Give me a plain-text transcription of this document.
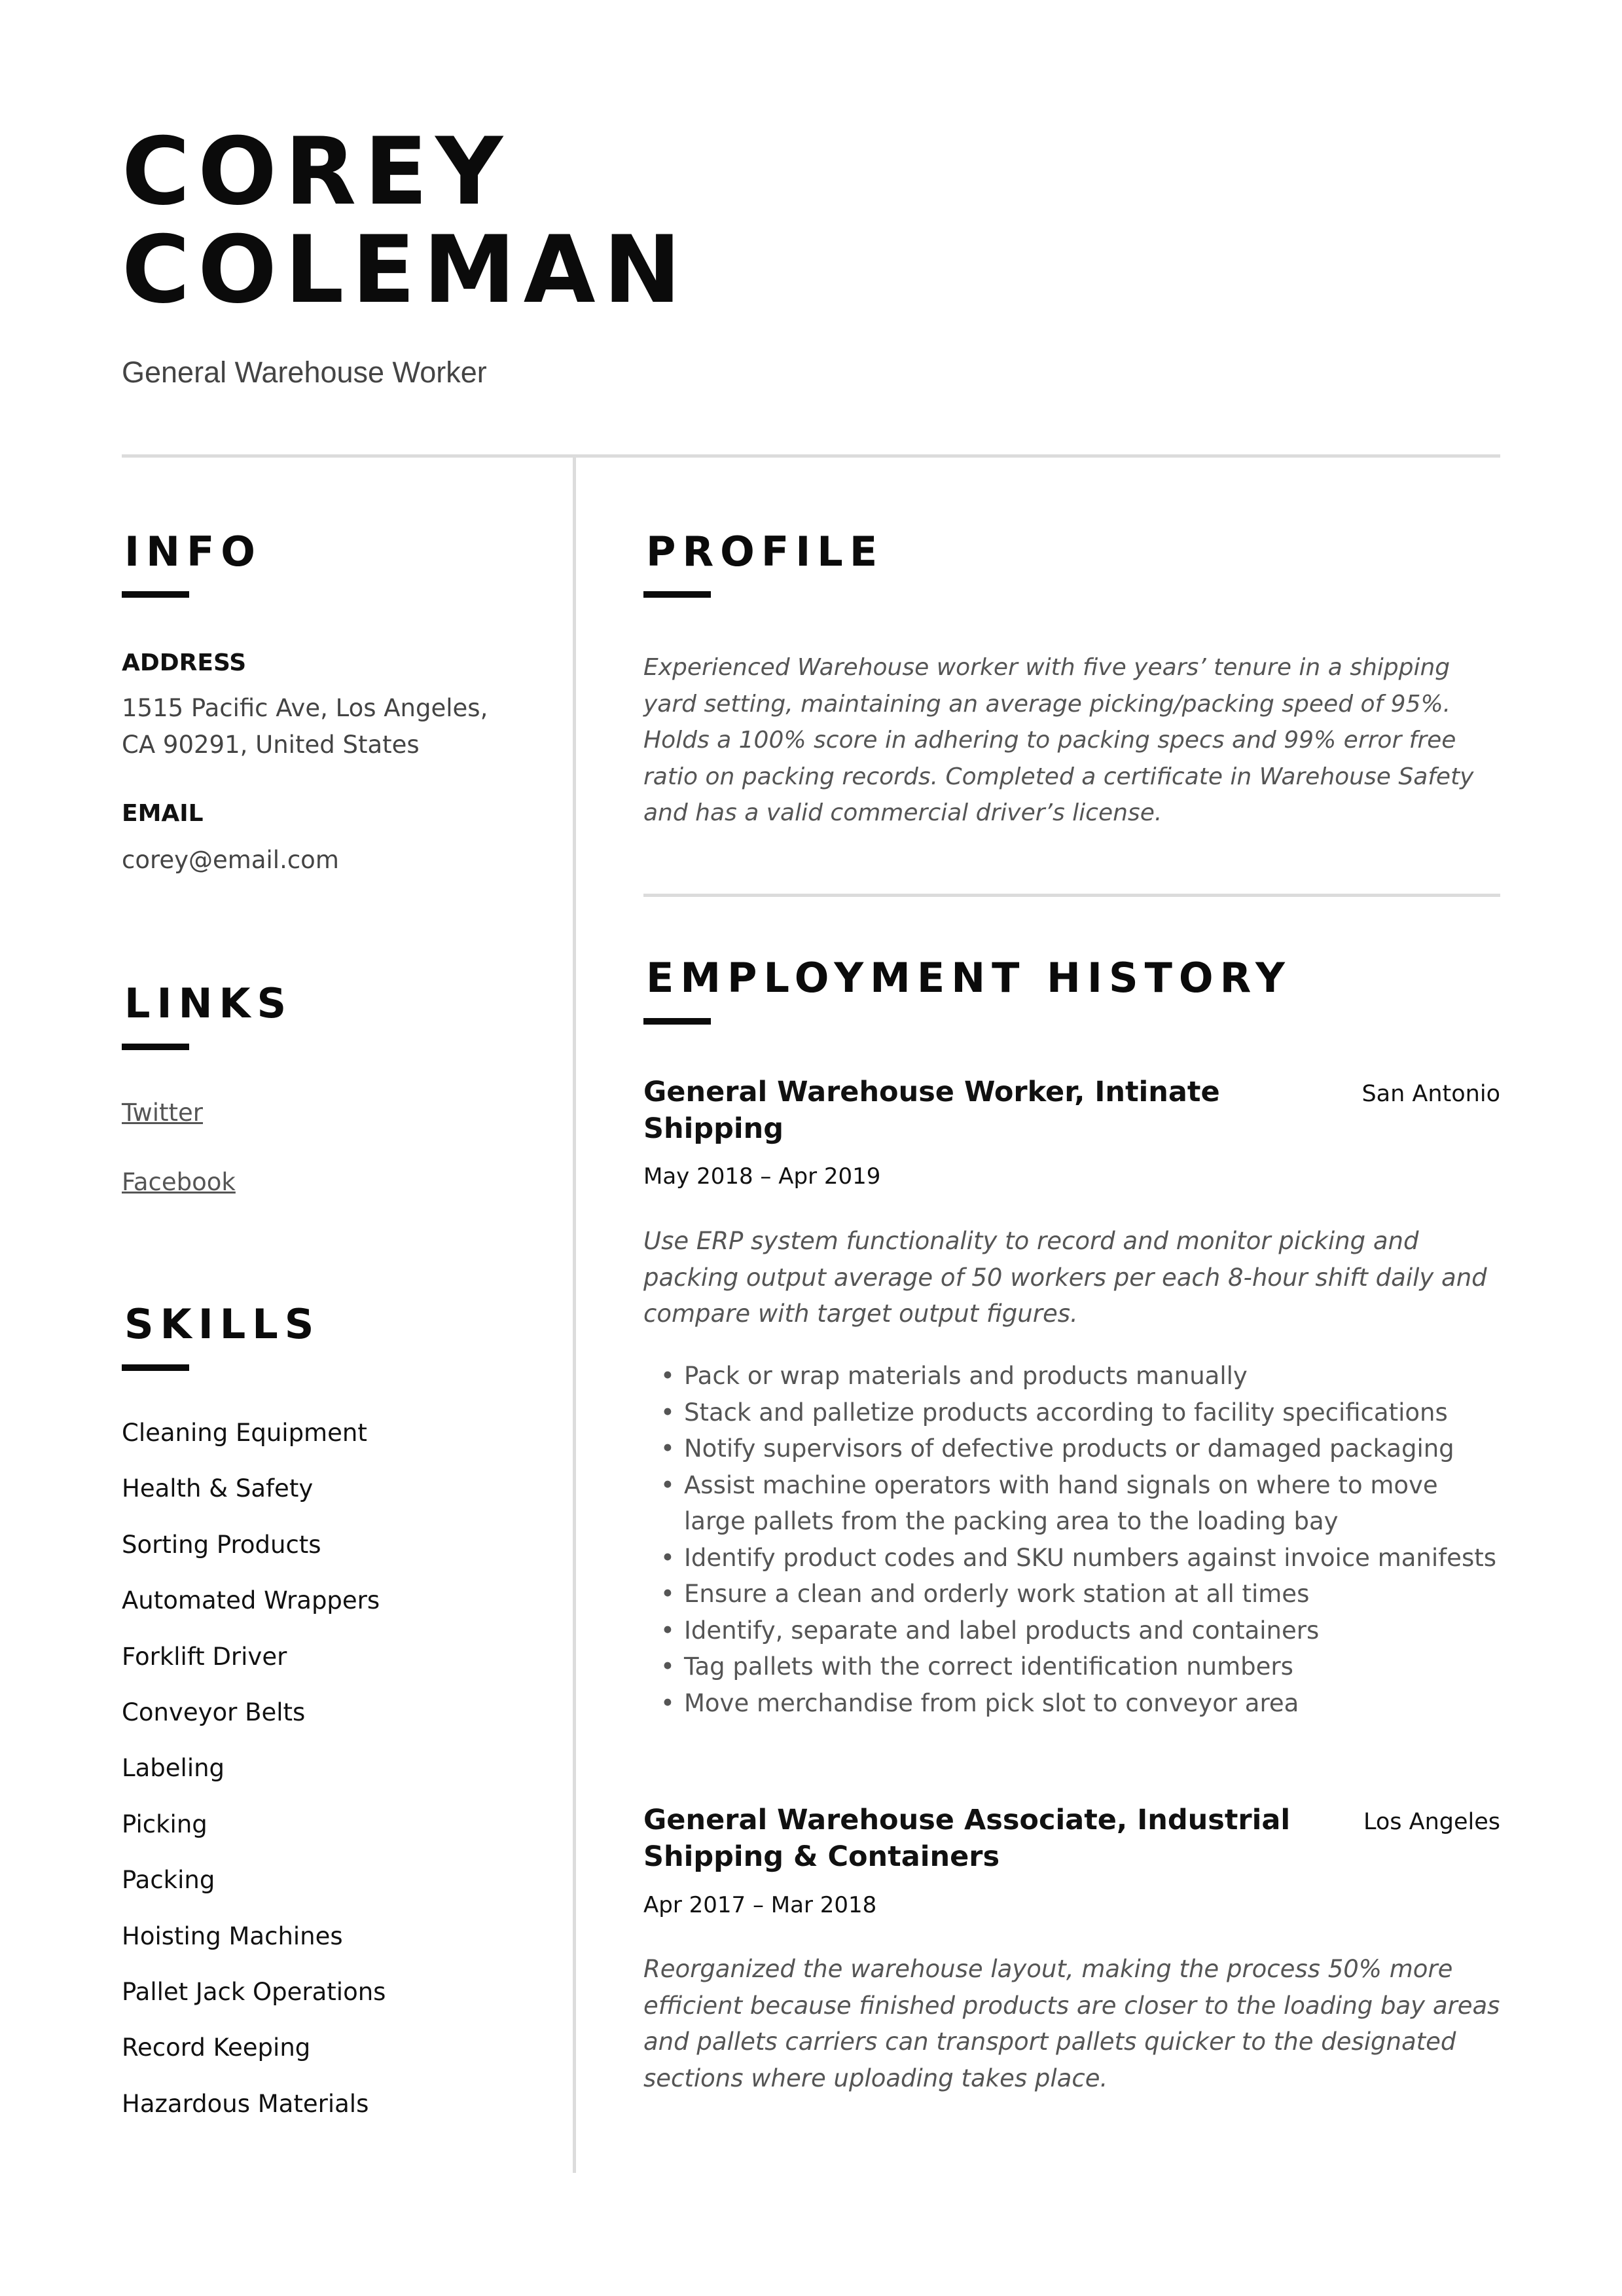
COREY
COLEMAN
General Warehouse Worker
INFO
ADDRESS
1515 Pacific Ave, Los Angeles,
CA 90291, United States
EMAIL
corey@email.com
LINKS
Twitter
Facebook
SKILLS
Cleaning Equipment
Health & Safety
Sorting Products
Automated Wrappers
Forklift Driver
Conveyor Belts
Labeling
Picking
Packing
Hoisting Machines
Pallet Jack Operations
Record Keeping
Hazardous Materials
PROFILE
Experienced Warehouse worker with five years’ tenure in a shipping yard setting, maintaining an average picking/packing speed of 95%. Holds a 100% score in adhering to packing specs and 99% error free ratio on packing records. Completed a certificate in Warehouse Safety and has a valid commercial driver’s license.
EMPLOYMENT HISTORY
General Warehouse Worker, Intinate Shipping
San Antonio
May 2018 – Apr 2019
Use ERP system functionality to record and monitor picking and packing output average of 50 workers per each 8-hour shift daily and compare with target output figures.
• Pack or wrap materials and products manually
• Stack and palletize products according to facility specifications
• Notify supervisors of defective products or damaged packaging
• Assist machine operators with hand signals on where to move large pallets from the packing area to the loading bay
• Identify product codes and SKU numbers against invoice manifests
• Ensure a clean and orderly work station at all times
• Identify, separate and label products and containers
• Tag pallets with the correct identification numbers
• Move merchandise from pick slot to conveyor area
General Warehouse Associate, Industrial Shipping & Containers
Los Angeles
Apr 2017 – Mar 2018
Reorganized the warehouse layout, making the process 50% more efficient because finished products are closer to the loading bay areas and pallets carriers can transport pallets quicker to the designated sections where uploading takes place.
